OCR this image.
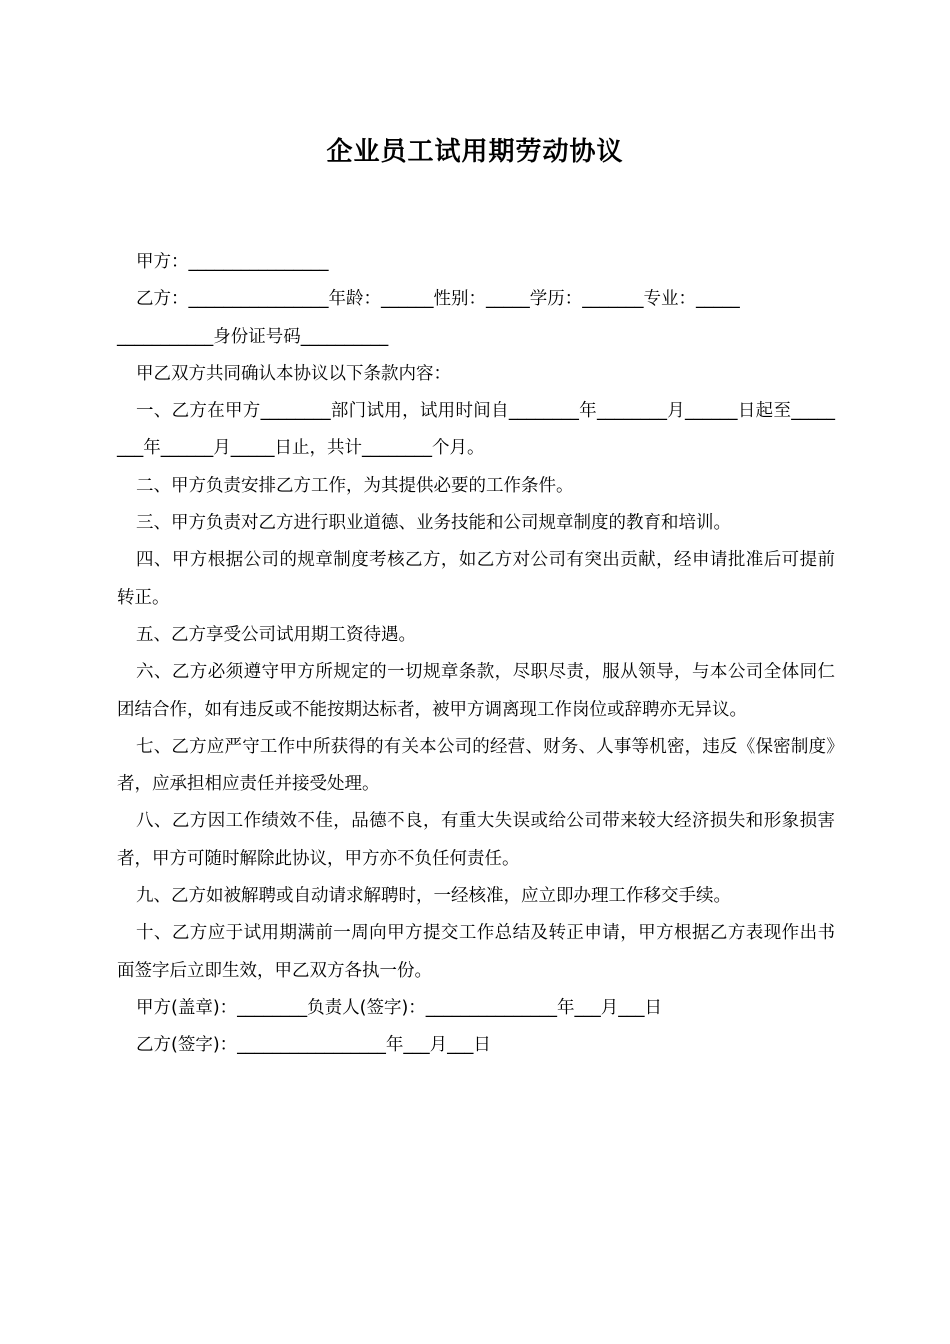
企业员工试用期劳动协议

甲方：________________

乙方：________________年龄：______性别：_____学历：_______专业：_____

___________身份证号码__________

甲乙双方共同确认本协议以下条款内容：

一、乙方在甲方________部门试用，试用时间自________年________月______日起至________年______月_____日止，共计________个月。

二、甲方负责安排乙方工作，为其提供必要的工作条件。

三、甲方负责对乙方进行职业道德、业务技能和公司规章制度的教育和培训。

四、甲方根据公司的规章制度考核乙方，如乙方对公司有突出贡献，经申请批准后可提前转正。

五、乙方享受公司试用期工资待遇。

六、乙方必须遵守甲方所规定的一切规章条款，尽职尽责，服从领导，与本公司全体同仁团结合作，如有违反或不能按期达标者，被甲方调离现工作岗位或辞聘亦无异议。

七、乙方应严守工作中所获得的有关本公司的经营、财务、人事等机密，违反《保密制度》者，应承担相应责任并接受处理。

八、乙方因工作绩效不佳，品德不良，有重大失误或给公司带来较大经济损失和形象损害者，甲方可随时解除此协议，甲方亦不负任何责任。

九、乙方如被解聘或自动请求解聘时，一经核准，应立即办理工作移交手续。

十、乙方应于试用期满前一周向甲方提交工作总结及转正申请，甲方根据乙方表现作出书面签字后立即生效，甲乙双方各执一份。

甲方(盖章)：________负责人(签字)：_______________年___月___日

乙方(签字)：_________________年___月___日
